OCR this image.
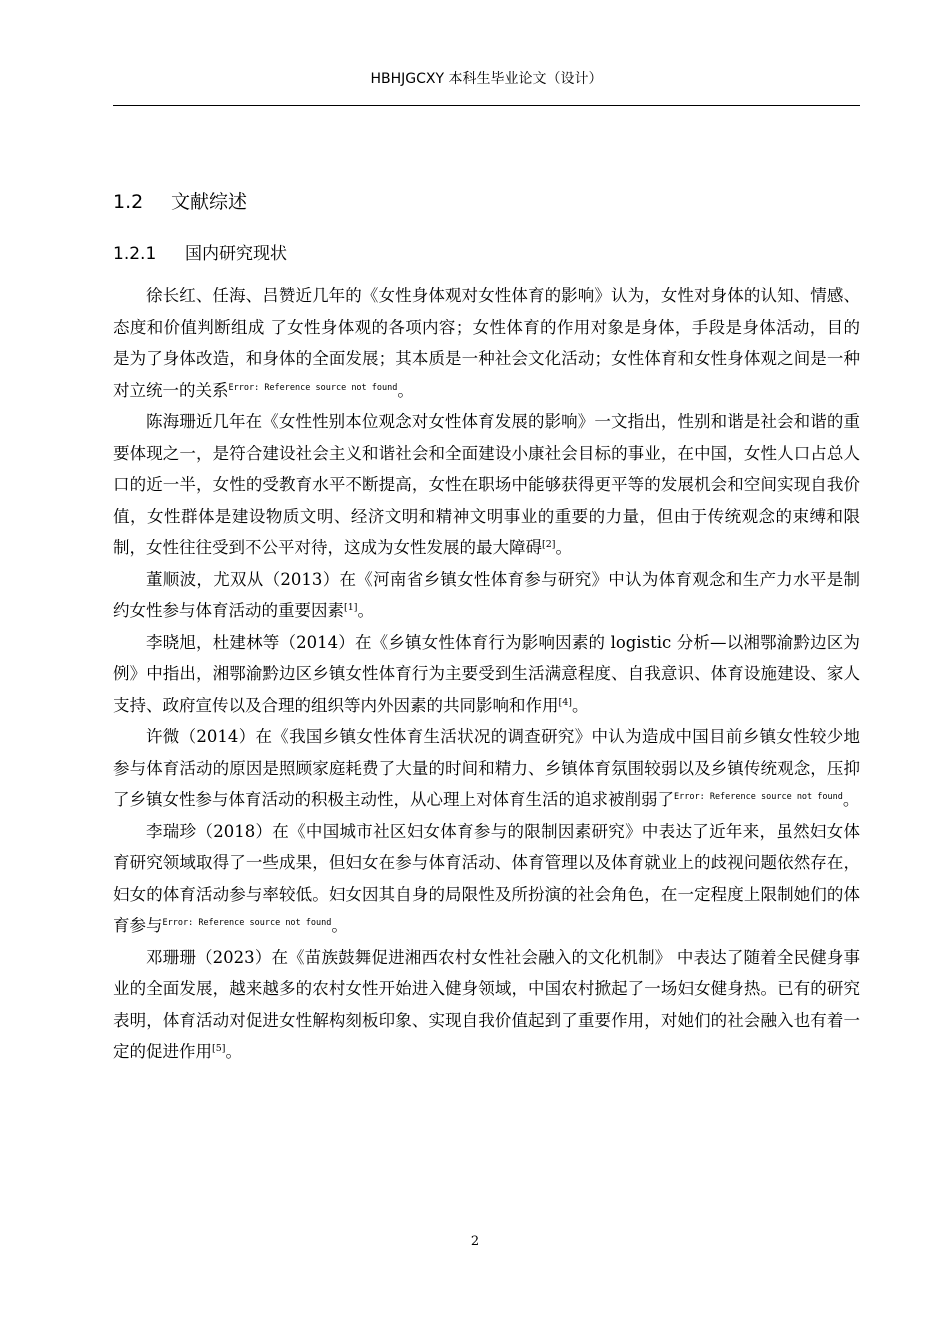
HBHJGCXY 本科生毕业论文（设计）
1.2 文献综述
1.2.1 国内研究现状

徐长红、任海、吕赞近几年的《女性身体观对女性体育的影响》认为，女性对身体的认知、情感、态度和价值判断组成 了女性身体观的各项内容；女性体育的作用对象是身体，手段是身体活动，目的 是为了身体改造，和身体的全面发展；其本质是一种社会文化活动；女性体育和女性身体观之间是一种对立统一的关系$^{Error: Reference source not found}$。

陈海珊近几年在《女性性别本位观念对女性体育发展的影响》一文指出，性别和谐是社会和谐的重要体现之一，是符合建设社会主义和谐社会和全面建设小康社会目标的事业，在中国，女性人口占总人口的近一半，女性的受教育水平不断提高，女性在职场中能够获得更平等的发展机会和空间实现自我价值，女性群体是建设物质文明、经济文明和精神文明事业的重要的力量，但由于传统观念的束缚和限制，女性往往受到不公平对待，这成为女性发展的最大障碍[2]。

董顺波，尤双从（2013）在《河南省乡镇女性体育参与研究》中认为体育观念和生产力水平是制约女性参与体育活动的重要因素[1]。

李晓旭，杜建林等（2014）在《乡镇女性体育行为影响因素的 logistic 分析—以湘鄂渝黔边区为例》中指出，湘鄂渝黔边区乡镇女性体育行为主要受到生活满意程度、自我意识、体育设施建设、家人支持、政府宣传以及合理的组织等内外因素的共同影响和作用[4]。

许微（2014）在《我国乡镇女性体育生活状况的调查研究》中认为造成中国目前乡镇女性较少地参与体育活动的原因是照顾家庭耗费了大量的时间和精力、乡镇体育氛围较弱以及乡镇传统观念，压抑了乡镇女性参与体育活动的积极主动性，从心理上对体育生活的追求被削弱了$^{Error: Reference source not found}$。

李瑞珍（2018）在《中国城市社区妇女体育参与的限制因素研究》中表达了近年来，虽然妇女体育研究领域取得了一些成果，但妇女在参与体育活动、体育管理以及体育就业上的歧视问题依然存在，妇女的体育活动参与率较低。妇女因其自身的局限性及所扮演的社会角色，在一定程度上限制她们的体育参与$^{Error: Reference source not found}$。

邓珊珊（2023）在《苗族鼓舞促进湘西农村女性社会融入的文化机制》 中表达了随着全民健身事业的全面发展，越来越多的农村女性开始进入健身领域，中国农村掀起了一场妇女健身热。已有的研究表明，体育活动对促进女性解构刻板印象、实现自我价值起到了重要作用，对她们的社会融入也有着一定的促进作用[5]。

2
